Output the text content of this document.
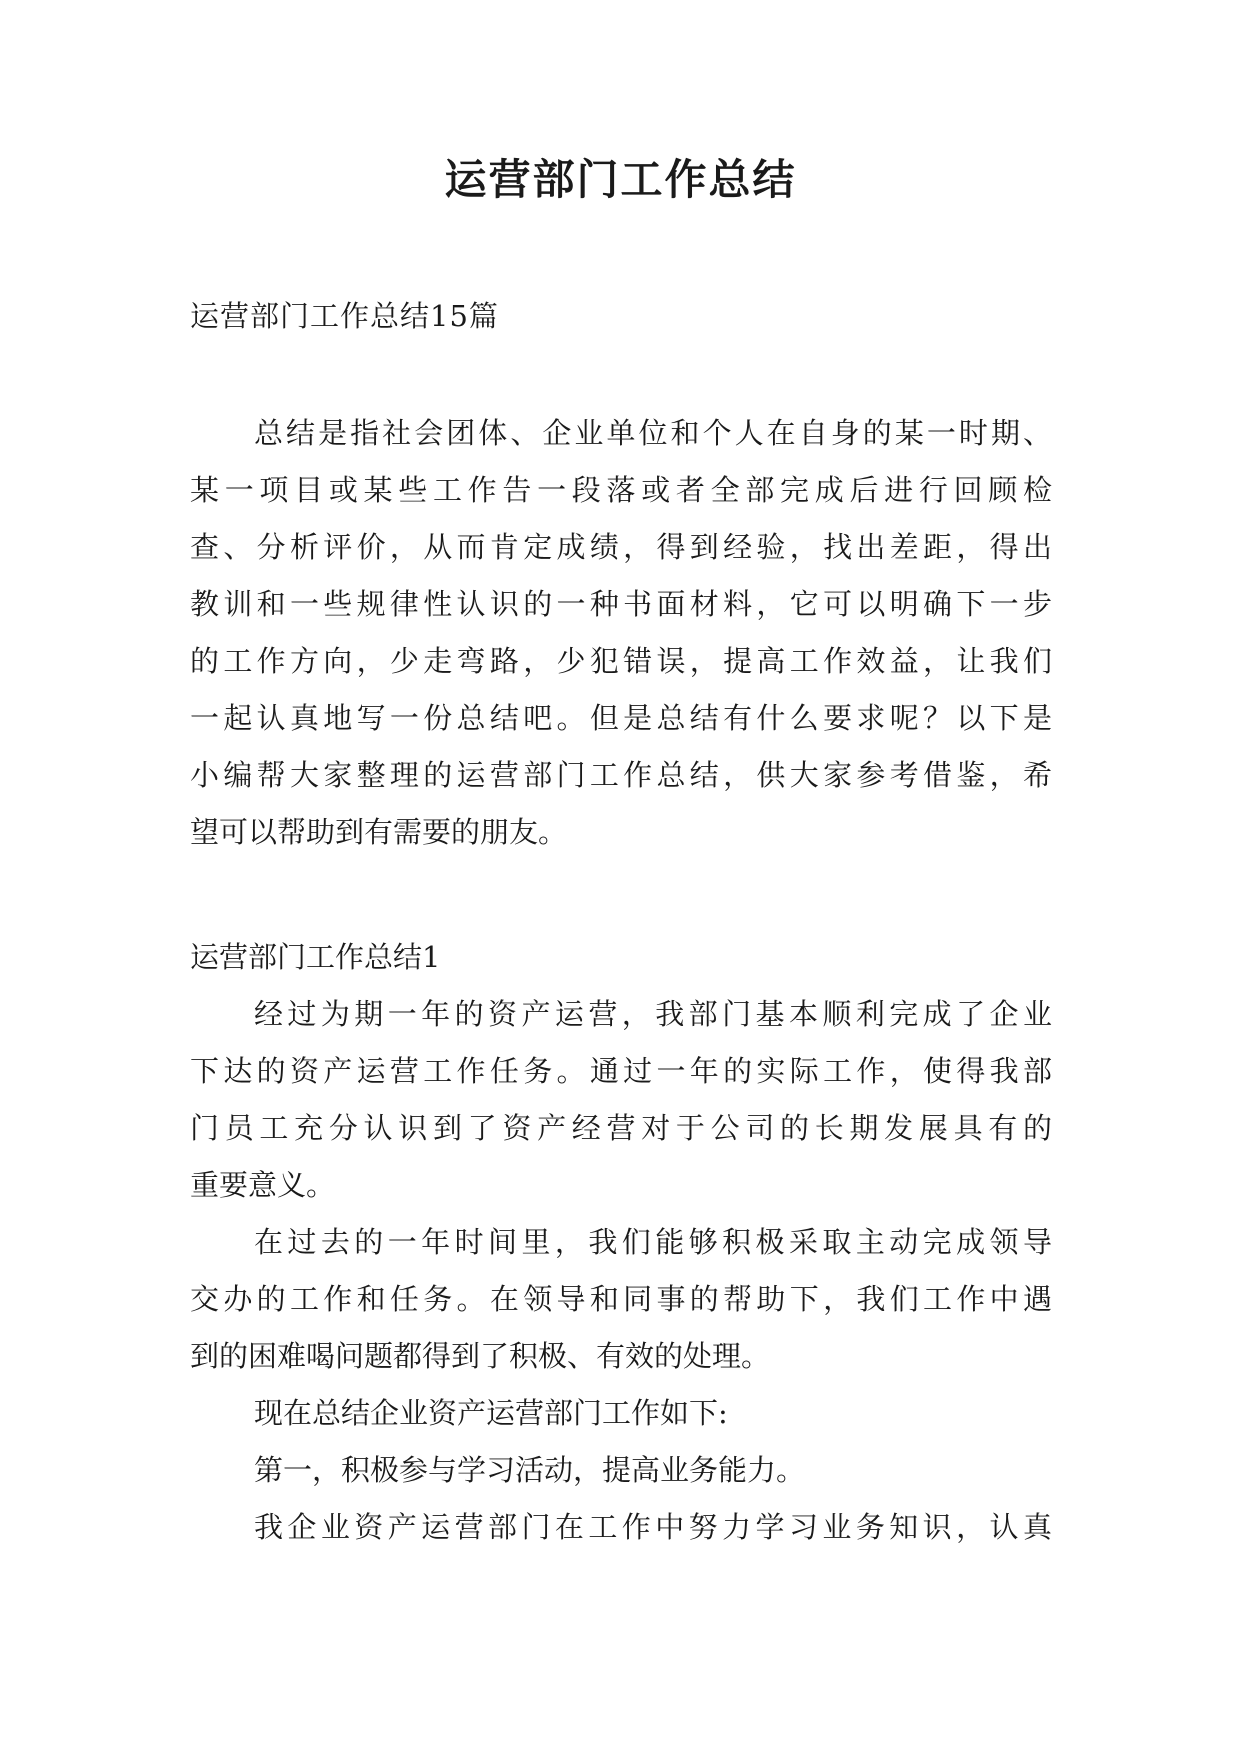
运营部门工作总结

运营部门工作总结15篇

总结是指社会团体、企业单位和个人在自身的某一时期、

某一项目或某些工作告一段落或者全部完成后进行回顾检

查、分析评价，从而肯定成绩，得到经验，找出差距，得出

教训和一些规律性认识的一种书面材料，它可以明确下一步

的工作方向，少走弯路，少犯错误，提高工作效益，让我们

一起认真地写一份总结吧。但是总结有什么要求呢？以下是

小编帮大家整理的运营部门工作总结，供大家参考借鉴，希

望可以帮助到有需要的朋友。

运营部门工作总结1

经过为期一年的资产运营，我部门基本顺利完成了企业

下达的资产运营工作任务。通过一年的实际工作，使得我部

门员工充分认识到了资产经营对于公司的长期发展具有的

重要意义。

在过去的一年时间里，我们能够积极采取主动完成领导

交办的工作和任务。在领导和同事的帮助下，我们工作中遇

到的困难喝问题都得到了积极、有效的处理。

现在总结企业资产运营部门工作如下:

第一，积极参与学习活动，提高业务能力。

我企业资产运营部门在工作中努力学习业务知识，认真
